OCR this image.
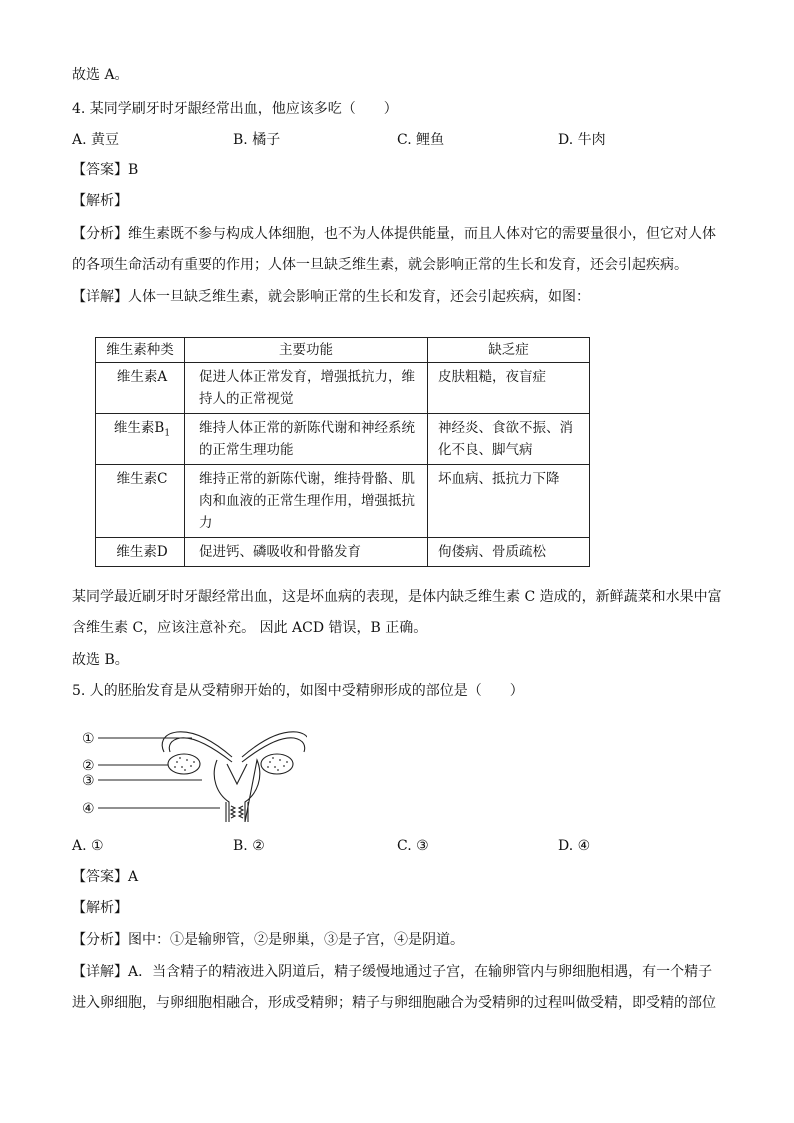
故选 A。
4. 某同学刷牙时牙龈经常出血，他应该多吃（　　）
A. 黄豆	B. 橘子	C. 鲤鱼	D. 牛肉
【答案】B
【解析】
【分析】维生素既不参与构成人体细胞，也不为人体提供能量，而且人体对它的需要量很小，但它对人体
的各项生命活动有重要的作用；人体一旦缺乏维生素，就会影响正常的生长和发育，还会引起疾病。
【详解】人体一旦缺乏维生素，就会影响正常的生长和发育，还会引起疾病，如图：
维生素种类	主要功能	缺乏症
维生素A	促进人体正常发育，增强抵抗力，维持人的正常视觉	皮肤粗糙，夜盲症
维生素$B_1$	维持人体正常的新陈代谢和神经系统的正常生理功能	神经炎、食欲不振、消化不良、脚气病
维生素C	维持正常的新陈代谢，维持骨骼、肌肉和血液的正常生理作用，增强抵抗力	坏血病、抵抗力下降
维生素D	促进钙、磷吸收和骨骼发育	佝偻病、骨质疏松
某同学最近刷牙时牙龈经常出血，这是坏血病的表现，是体内缺乏维生素 C 造成的，新鲜蔬菜和水果中富
含维生素 C，应该注意补充。 因此 ACD 错误，B 正确。
故选 B。
5. 人的胚胎发育是从受精卵开始的，如图中受精卵形成的部位是（　　）
①
②
③
④
A. ①	B. ②	C. ③	D. ④
【答案】A
【解析】
【分析】图中：①是输卵管，②是卵巢，③是子宫，④是阴道。
【详解】A．当含精子的精液进入阴道后，精子缓慢地通过子宫，在输卵管内与卵细胞相遇，有一个精子
进入卵细胞，与卵细胞相融合，形成受精卵；精子与卵细胞融合为受精卵的过程叫做受精，即受精的部位
